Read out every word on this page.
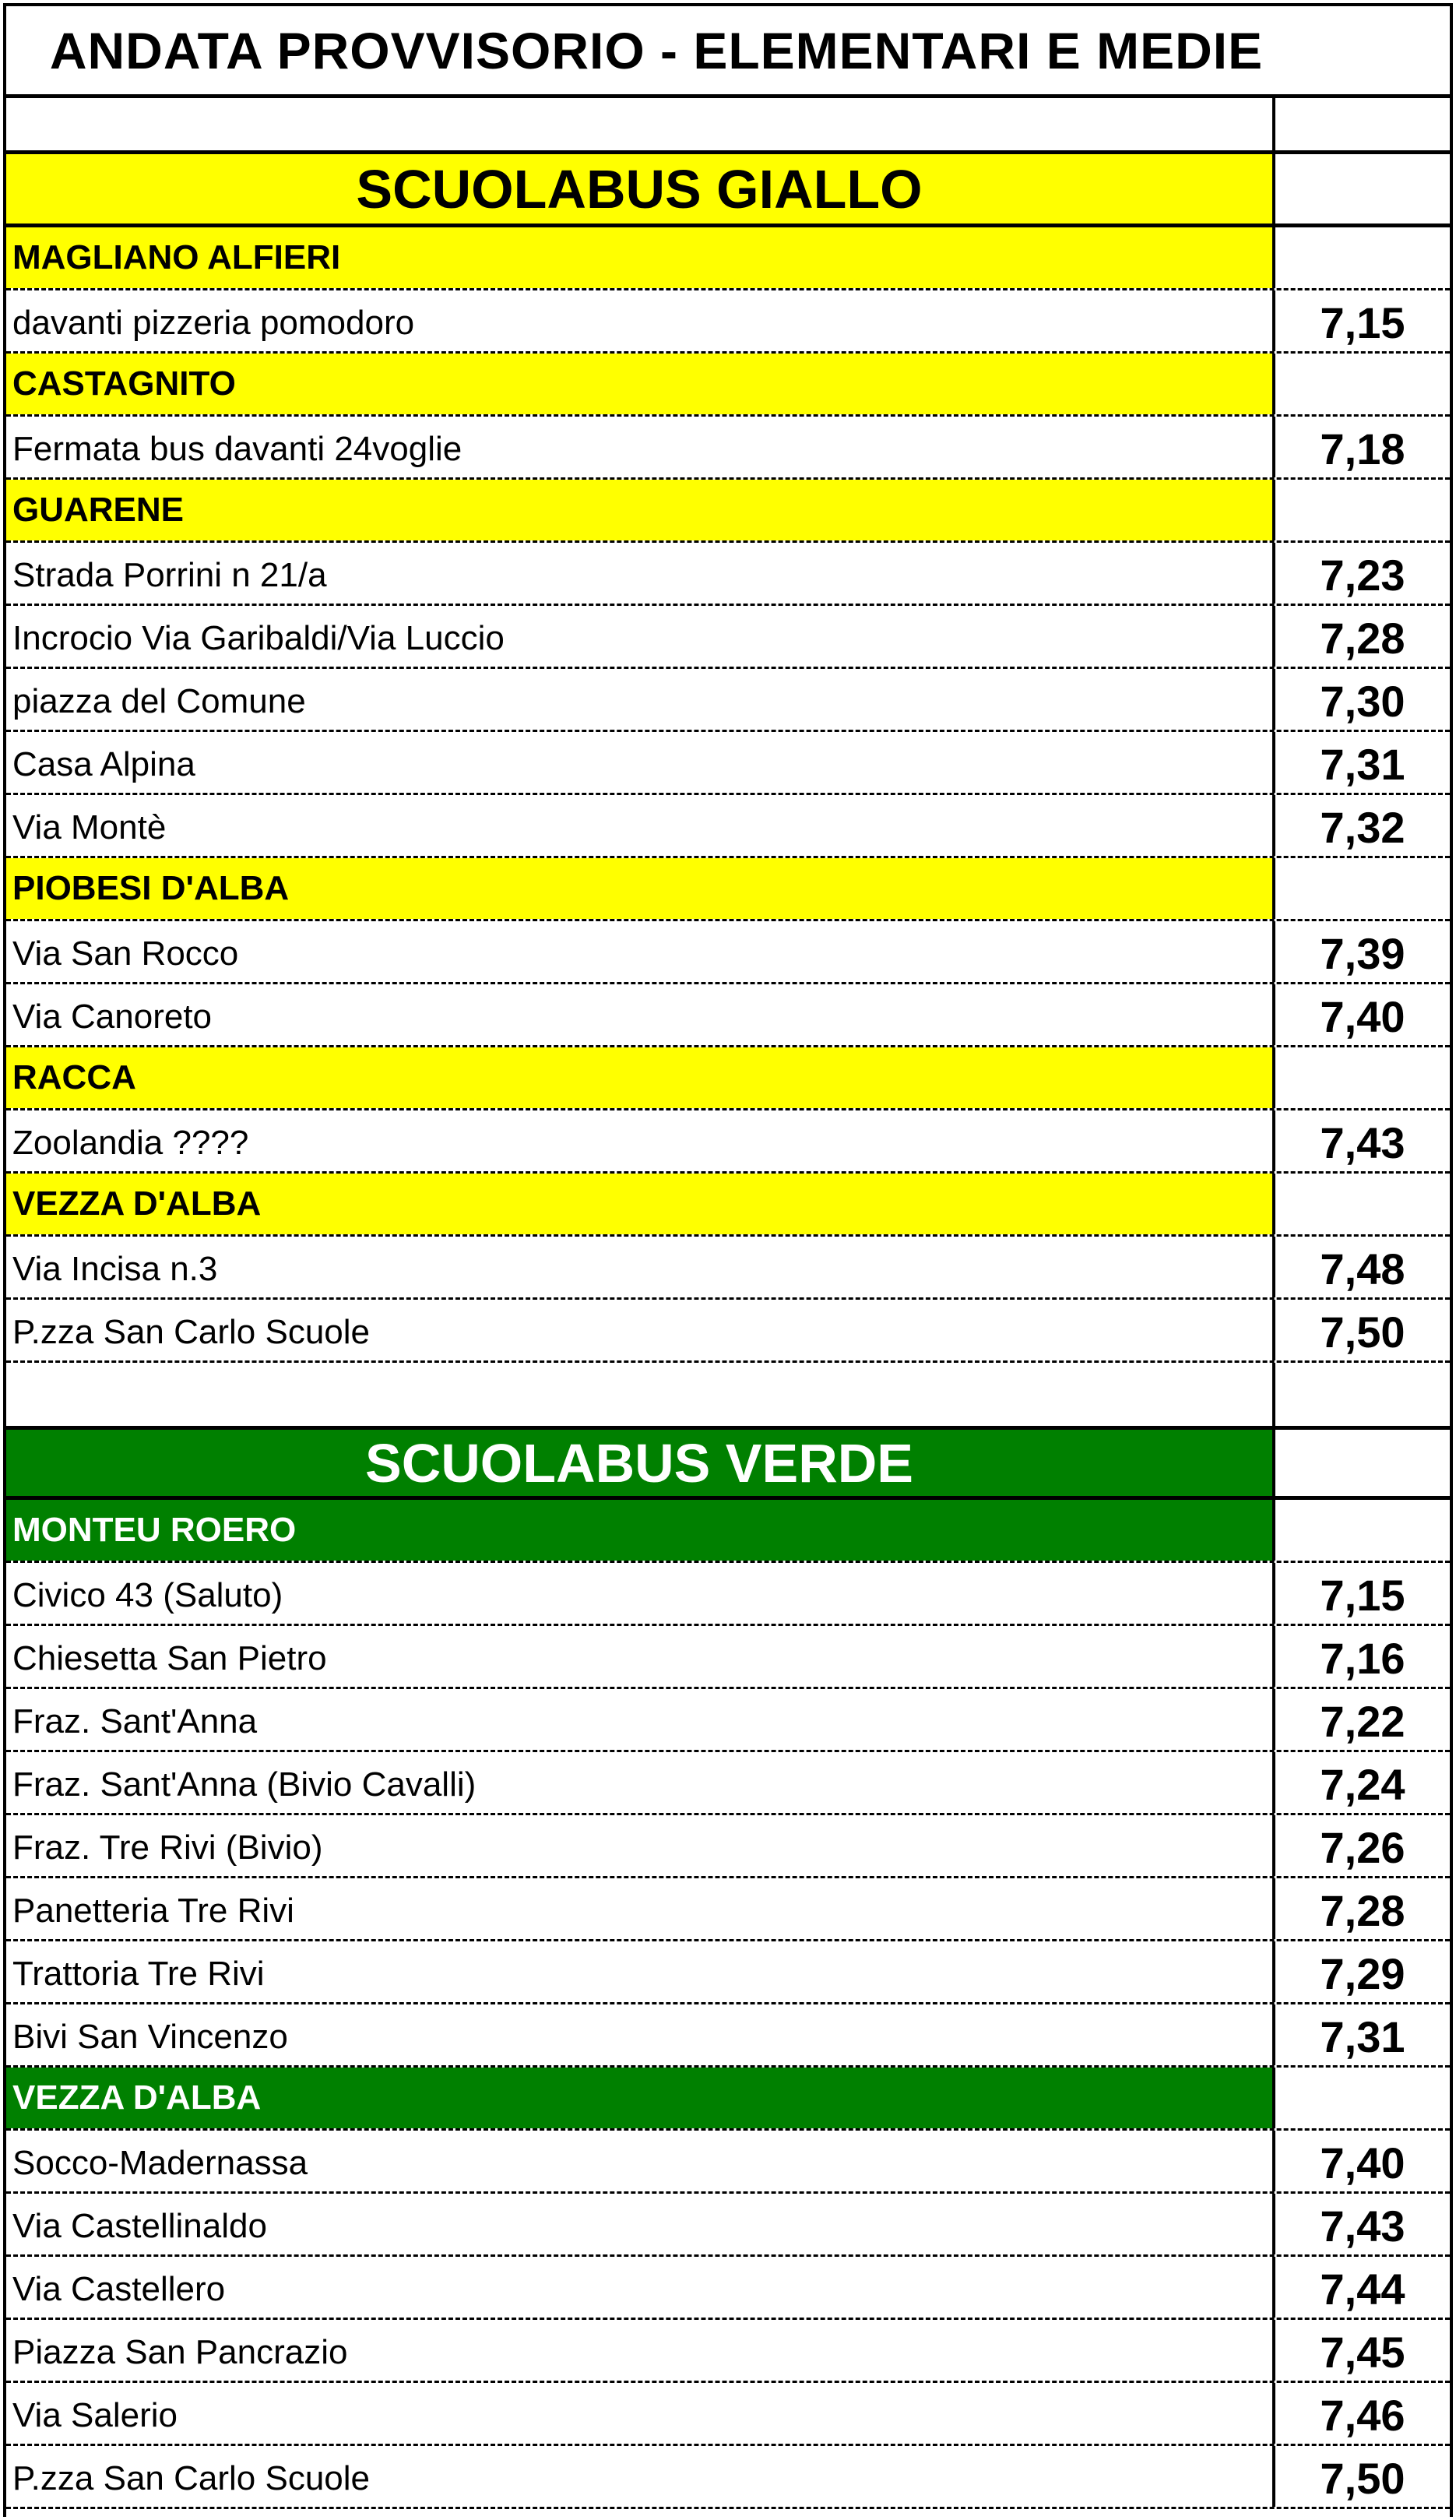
ANDATA PROVVISORIO - ELEMENTARI E MEDIE
SCUOLABUS GIALLO
MAGLIANO ALFIERI
davanti pizzeria pomodoro	7,15
CASTAGNITO
Fermata bus davanti 24voglie	7,18
GUARENE
Strada Porrini n 21/a	7,23
Incrocio Via Garibaldi/Via Luccio	7,28
piazza del Comune	7,30
Casa Alpina	7,31
Via Montè	7,32
PIOBESI D'ALBA
Via San Rocco	7,39
Via Canoreto	7,40
RACCA
Zoolandia ????	7,43
VEZZA D'ALBA
Via Incisa n.3	7,48
P.zza San Carlo Scuole	7,50
SCUOLABUS VERDE
MONTEU ROERO
Civico 43 (Saluto)	7,15
Chiesetta San Pietro	7,16
Fraz. Sant'Anna	7,22
Fraz. Sant'Anna (Bivio Cavalli)	7,24
Fraz. Tre Rivi (Bivio)	7,26
Panetteria Tre Rivi	7,28
Trattoria Tre Rivi	7,29
Bivi San Vincenzo	7,31
VEZZA D'ALBA
Socco-Madernassa	7,40
Via Castellinaldo	7,43
Via Castellero	7,44
Piazza San Pancrazio	7,45
Via Salerio	7,46
P.zza San Carlo Scuole	7,50
